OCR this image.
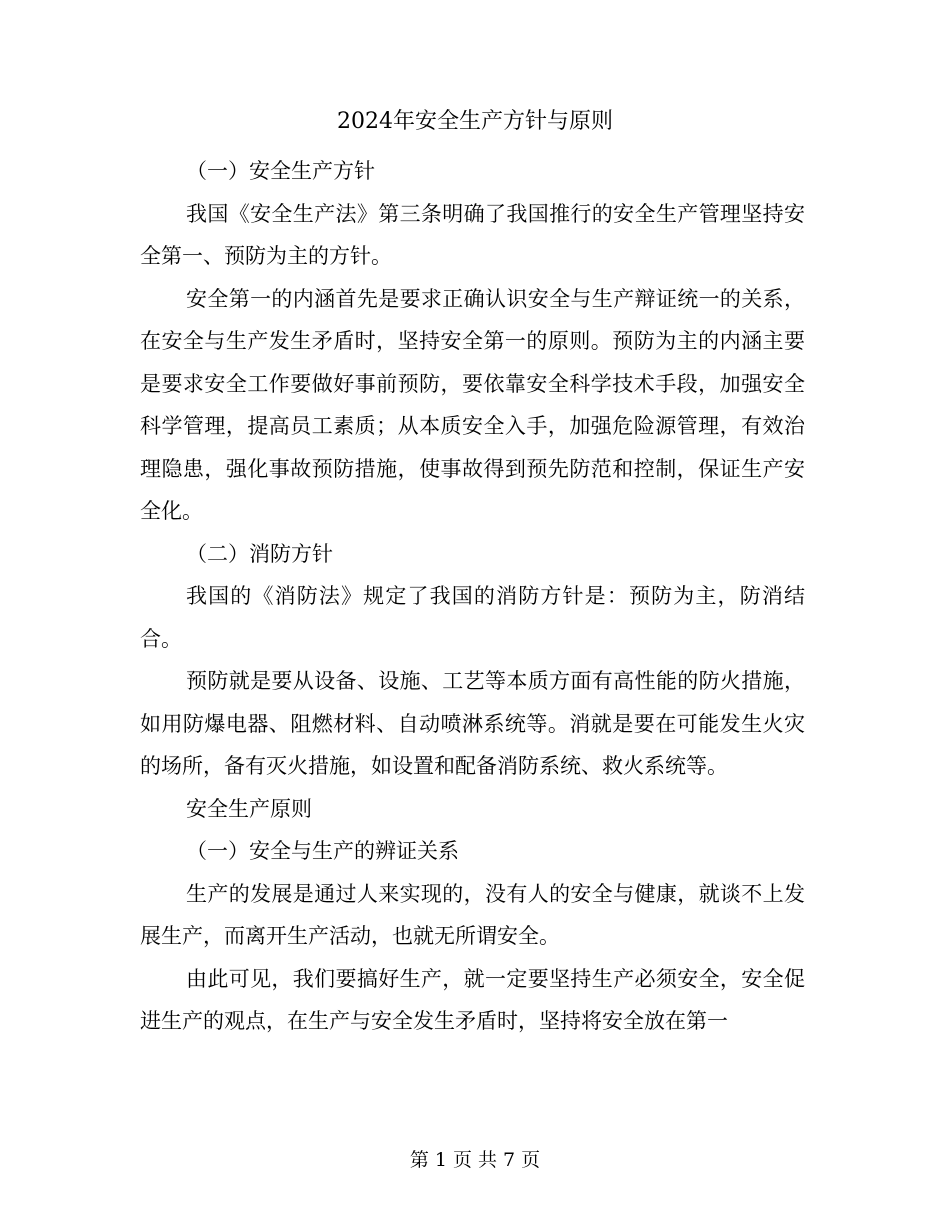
2024年安全生产方针与原则

（一）安全生产方针

我国《安全生产法》第三条明确了我国推行的安全生产管理坚持安全第一、预防为主的方针。

安全第一的内涵首先是要求正确认识安全与生产辩证统一的关系，在安全与生产发生矛盾时，坚持安全第一的原则。预防为主的内涵主要是要求安全工作要做好事前预防，要依靠安全科学技术手段，加强安全科学管理，提高员工素质；从本质安全入手，加强危险源管理，有效治理隐患，强化事故预防措施，使事故得到预先防范和控制，保证生产安全化。

（二）消防方针

我国的《消防法》规定了我国的消防方针是：预防为主，防消结合。

预防就是要从设备、设施、工艺等本质方面有高性能的防火措施，如用防爆电器、阻燃材料、自动喷淋系统等。消就是要在可能发生火灾的场所，备有灭火措施，如设置和配备消防系统、救火系统等。

安全生产原则

（一）安全与生产的辨证关系

生产的发展是通过人来实现的，没有人的安全与健康，就谈不上发展生产，而离开生产活动，也就无所谓安全。

由此可见，我们要搞好生产，就一定要坚持生产必须安全，安全促进生产的观点，在生产与安全发生矛盾时，坚持将安全放在第一

第 1 页 共 7 页
